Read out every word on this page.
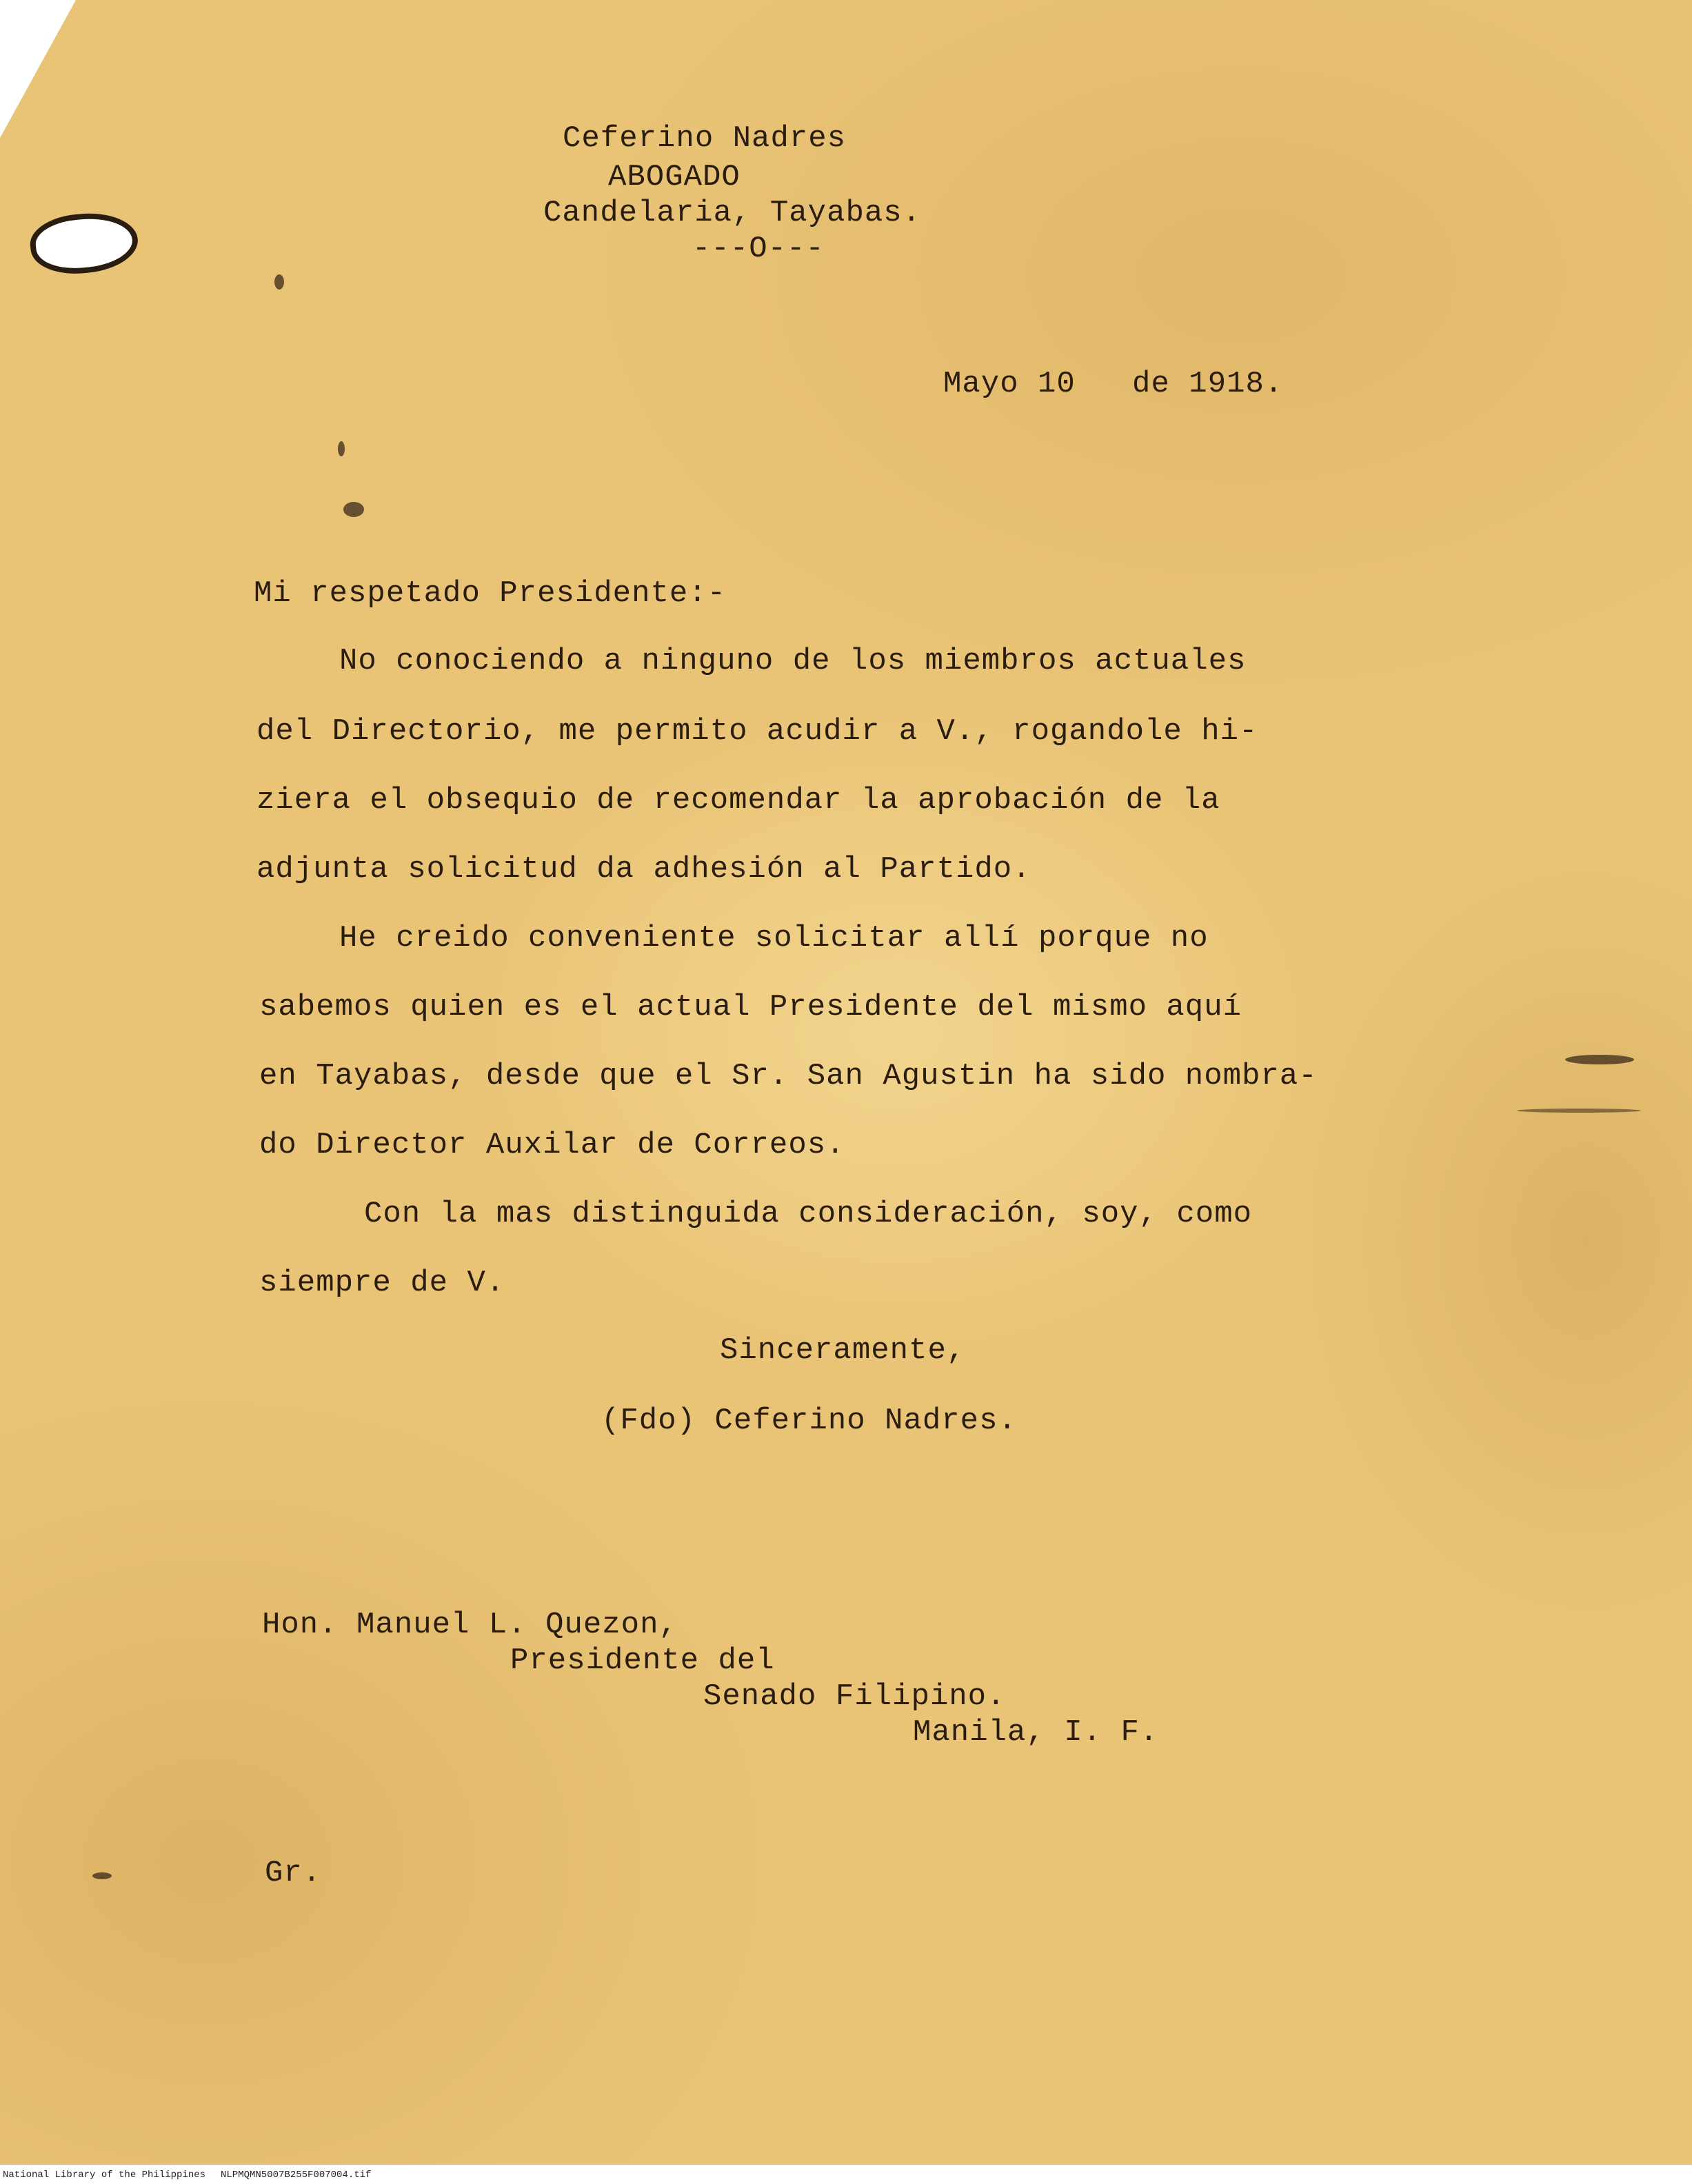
Ceferino Nadres
ABOGADO
Candelaria, Tayabas.
---O---
Mayo 10   de 1918.
Mi respetado Presidente:-
No conociendo a ninguno de los miembros actuales
del Directorio, me permito acudir a V., rogandole hi-
ziera el obsequio de recomendar la aprobación de la
adjunta solicitud da adhesión al Partido.
He creido conveniente solicitar allí porque no
sabemos quien es el actual Presidente del mismo aquí
en Tayabas, desde que el Sr. San Agustin ha sido nombra-
do Director Auxilar de Correos.
Con la mas distinguida consideración, soy, como
siempre de V.
Sinceramente,
(Fdo) Ceferino Nadres.
Hon. Manuel L. Quezon,
Presidente del
Senado Filipino.
Manila, I. F.
Gr.
National Library of the Philippines NLPMQMN5007B255F007004.tif
